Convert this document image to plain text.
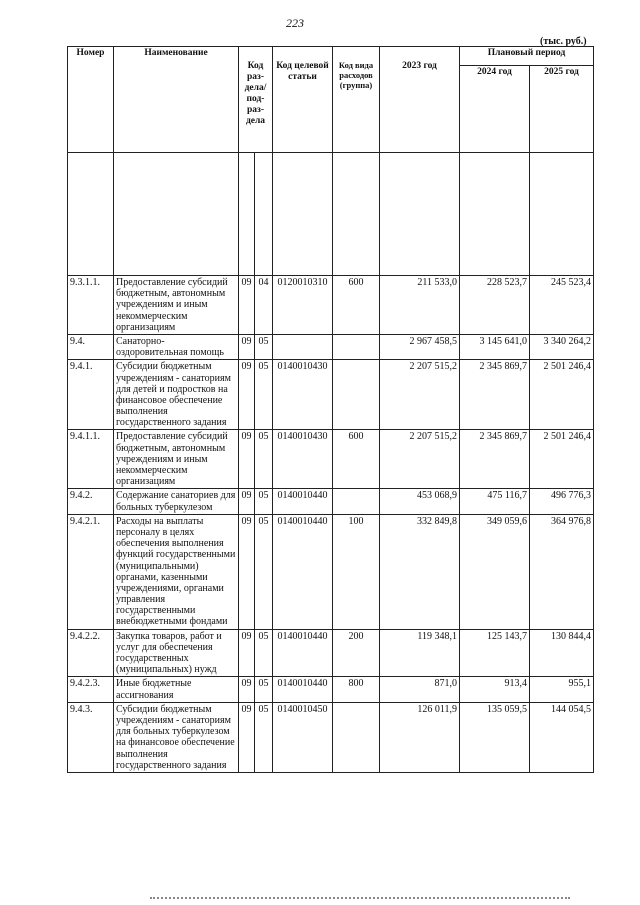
223
(тыс. руб.)
Номер	Наименование	Код раз-дела/ под-раз-дела		Код целевой статьи	Код вида расходов (группа)	2023 год	Плановый период	
							2024 год	2025 год

9.3.1.1.	Предоставление субсидий бюджетным, автономным учреждениям и иным некоммерческим организациям	09	04	0120010310	600	211 533,0	228 523,7	245 523,4
9.4.	Санаторно-оздоровительная помощь	09	05			2 967 458,5	3 145 641,0	3 340 264,2
9.4.1.	Субсидии бюджетным учреждениям - санаториям для детей и подростков на финансовое обеспечение выполнения государственного задания	09	05	0140010430		2 207 515,2	2 345 869,7	2 501 246,4
9.4.1.1.	Предоставление субсидий бюджетным, автономным учреждениям и иным некоммерческим организациям	09	05	0140010430	600	2 207 515,2	2 345 869,7	2 501 246,4
9.4.2.	Содержание санаториев для больных туберкулезом	09	05	0140010440		453 068,9	475 116,7	496 776,3
9.4.2.1.	Расходы на выплаты персоналу в целях обеспечения выполнения функций государственными (муниципальными) органами, казенными учреждениями, органами управления государственными внебюджетными фондами	09	05	0140010440	100	332 849,8	349 059,6	364 976,8
9.4.2.2.	Закупка товаров, работ и услуг для обеспечения государственных (муниципальных) нужд	09	05	0140010440	200	119 348,1	125 143,7	130 844,4
9.4.2.3.	Иные бюджетные ассигнования	09	05	0140010440	800	871,0	913,4	955,1
9.4.3.	Субсидии бюджетным учреждениям - санаториям для больных туберкулезом на финансовое обеспечение выполнения государственного задания	09	05	0140010450		126 011,9	135 059,5	144 054,5
